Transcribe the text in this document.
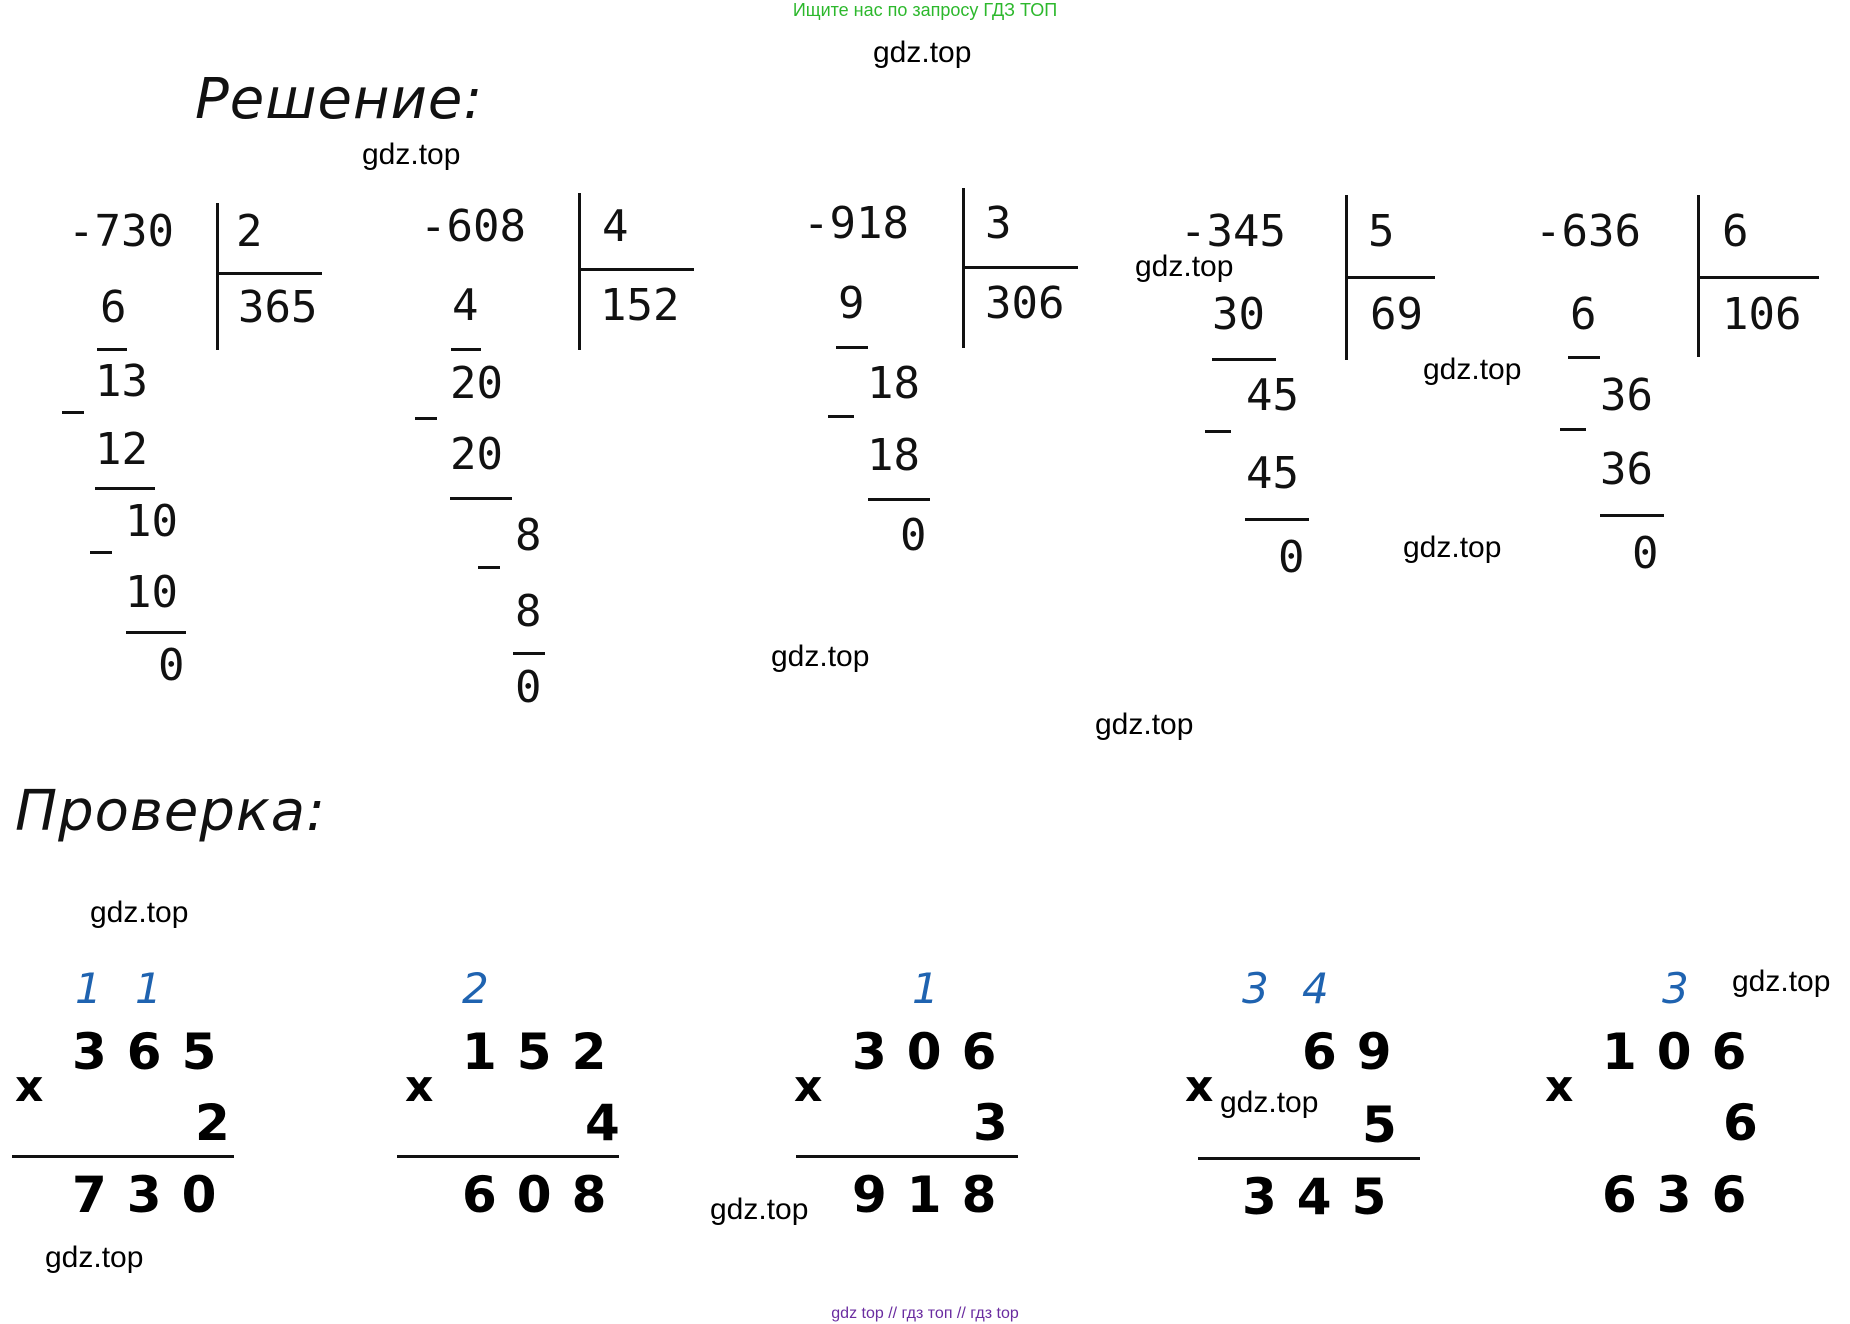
Ищите нас по запросу ГДЗ ТОП
Решение:
Проверка:
gdz.top
gdz.top
gdz.top
gdz.top
gdz.top
gdz.top
gdz.top
gdz.top
gdz.top
gdz.top
gdz.top
gdz.top
-730 2
365
6
13
12
10
10
0
-608 4
152
4
20
20
8
8
0
-918 3
306
9
18
18
0
-345 5
69
30
45
45
0
-636 6
106
6
36
36
0
1 1
365
x
2
730
2
152
x
4
608
1
306
x
3
918
3 4
69
x
5
345
3
106
x
6
636
gdz top // гдз топ // гдз top
